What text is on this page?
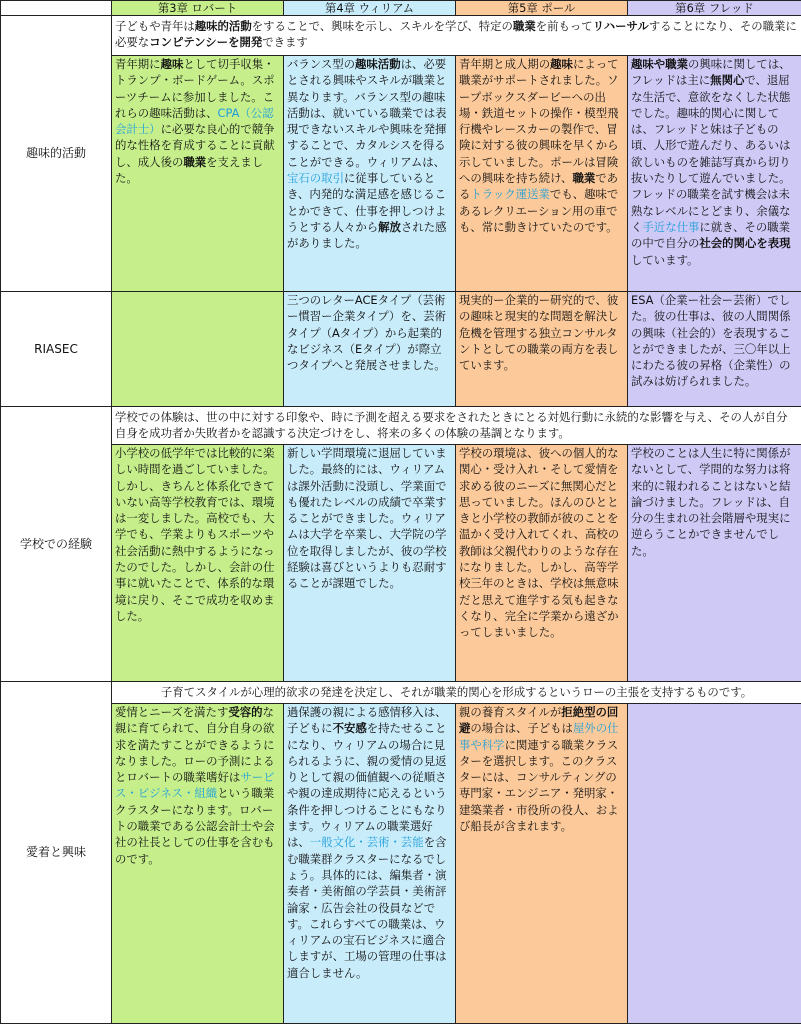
	第3章 ロバート	第4章 ウィリアム	第5章 ポール	第6章 フレッド
趣味的活動	子どもや青年は趣味的活動をすることで、興味を示し、スキルを学び、特定の職業を前もってリハーサルすることになり、その職業に必要なコンピテンシーを開発できます			
	青年期に趣味として切手収集・トランプ・ボードゲーム。スポーツチームに参加しました。これらの趣味活動は、CPA（公認会計士）に必要な良心的で競争的な性格を育成することに貢献し、成人後の職業を支えました。	バランス型の趣味活動は、必要とされる興味やスキルが職業と異なります。バランス型の趣味活動は、就いている職業では表現できないスキルや興味を発揮することで、カタルシスを得ることができる。ウィリアムは、宝石の取引に従事しているとき、内発的な満足感を感じることかできて、仕事を押しつけようとする人々から解放された感がありました。	青年期と成人期の趣味によって職業がサポートされました。ソープボックスダービーへの出場・鉄道セットの操作・模型飛行機やレースカーの製作で、冒険に対する彼の興味を早くから示していました。ポールは冒険への興味を持ち続け、職業であるトラック運送業でも、趣味であるレクリエーション用の車でも、常に動きけていたのです。	趣味や職業の興味に関しては、フレッドは主に無関心で、退屈な生活で、意欲をなくした状態でした。趣味的関心に関しては、フレッドと妹は子どもの頃、人形で遊んだり、あるいは欲しいものを雑誌写真から切り抜いたりして遊んでいました。フレッドの職業を試す機会は未熟なレベルにとどまり、余儀なく手近な仕事に就き、その職業の中で自分の社会的関心を表現しています。
RIASEC		三つのレターACEタイプ（芸術ー慣習ー企業タイプ）を、芸術タイプ（Aタイプ）から起業的なビジネス（Eタイプ）が際立つタイプへと発展させました。	現実的ー企業的ー研究的で、彼の趣味と現実的な問題を解決し危機を管理する独立コンサルタントとしての職業の両方を表しています。	ESA（企業ー社会ー芸術）でした。彼の仕事は、彼の人間関係の興味（社会的）を表現することができましたが、三〇年以上にわたる彼の昇格（企業性）の試みは妨げられました。
学校での経験	学校での体験は、世の中に対する印象や、時に予測を超える要求をされたときにとる対処行動に永続的な影響を与え、その人が自分自身を成功者か失敗者かを認識する決定づけをし、将来の多くの体験の基調となります。			
	小学校の低学年では比較的に楽しい時間を過ごしていました。しかし、きちんと体系化できていない高等学校教育では、環境は一変しました。高校でも、大学でも、学業よりもスポーツや社会活動に熱中するようになったのでした。しかし、会計の仕事に就いたことで、体系的な環境に戻り、そこで成功を収めました。	新しい学問環境に退屈していました。最終的には、ウィリアムは課外活動に没頭し、学業面でも優れたレベルの成績で卒業することができました。ウィリアムは大学を卒業し、大学院の学位を取得しましたが、彼の学校経験は喜びというよりも忍耐することが課題でした。	学校の環境は、彼への個人的な関心・受け入れ・そして愛情を求める彼のニーズに無関心だと思っていました。ほんのひとときと小学校の教師が彼のことを温かく受け入れてくれ、高校の教師は父親代わりのような存在になりました。しかし、高等学校三年のときは、学校は無意味だと思えて進学する気も起きなくなり、完全に学業から遠ざかってしまいました。	学校のことは人生に特に関係がないとして、学問的な努力は将来的に報われることはないと結論づけました。フレッドは、自分の生まれの社会階層や現実に逆らうことかできませんでした。
愛着と興味	子育てスタイルが心理的欲求の発達を決定し、それが職業的関心を形成するというローの主張を支持するものです。			
	愛情とニーズを満たす受容的な親に育てられて、自分自身の欲求を満たすことができるようになりました。ローの予測によるとロバートの職業嗜好はサービス・ビジネス・組織という職業クラスターになります。ロバートの職業である公認会計士や会社の社長としての仕事を含むものです。	過保護の親による感情移入は、子どもに不安感を持たせることになり、ウィリアムの場合に見られるように、親の愛情の見返りとして親の価値観への従順さや親の達成期待に応えるという条件を押しつけることにもなります。ウィリアムの職業選好は、一般文化・芸術・芸能を含む職業群クラスターになるでしょう。具体的には、編集者・演奏者・美術館の学芸員・美術評論家・広告会社の役員などです。これらすべての職業は、ウィリアムの宝石ビジネスに適合しますが、工場の管理の仕事は適合しません。	親の養育スタイルが拒絶型の回避の場合は、子どもは屋外の仕事や科学に関連する職業クラスターを選択します。このクラスターには、コンサルティングの専門家・エンジニア・発明家・建築業者・市役所の役人、および船長が含まれます。	
